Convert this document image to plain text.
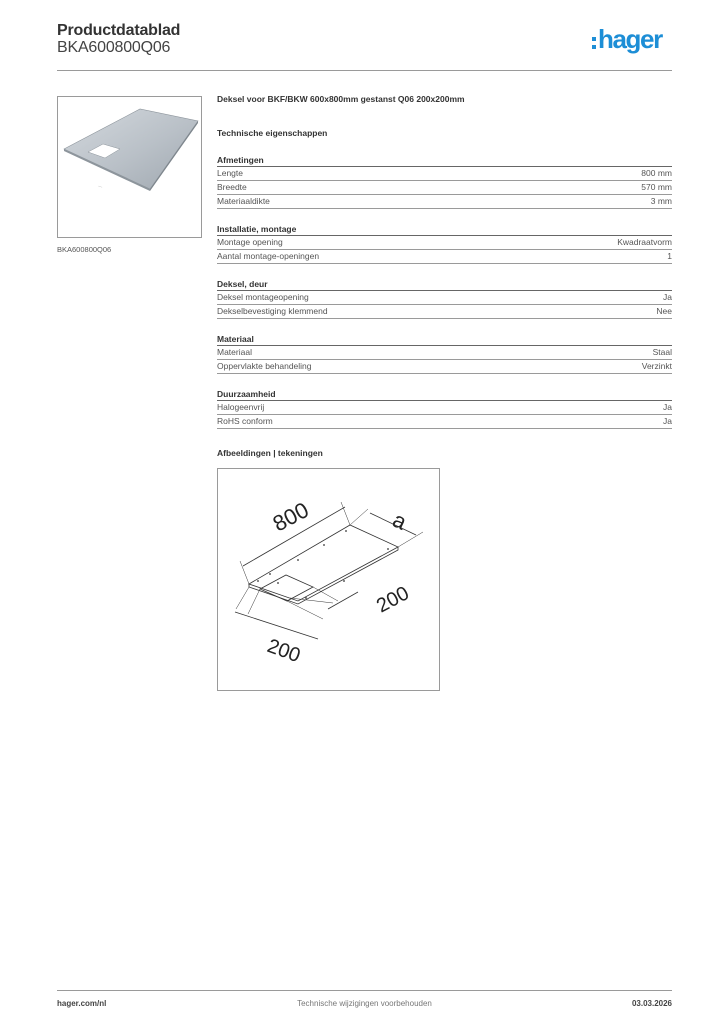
Productdatablad
BKA600800Q06	hager
—
BKA600800Q06
Deksel voor BKF/BKW 600x800mm gestanst Q06 200x200mm
Technische eigenschappen
Afmetingen
Lengte	800 mm
Breedte	570 mm
Materiaaldikte	3 mm
Installatie, montage
Montage opening	Kwadraatvorm
Aantal montage-openingen	1
Deksel, deur
Deksel montageopening	Ja
Dekselbevestiging klemmend	Nee
Materiaal
Materiaal	Staal
Oppervlakte behandeling	Verzinkt
Duurzaamheid
Halogeenvrij	Ja
RoHS conform	Ja
Afbeeldingen | tekeningen
800	a
200
200
hager.com/nl	Technische wijzigingen voorbehouden	03.03.2026
